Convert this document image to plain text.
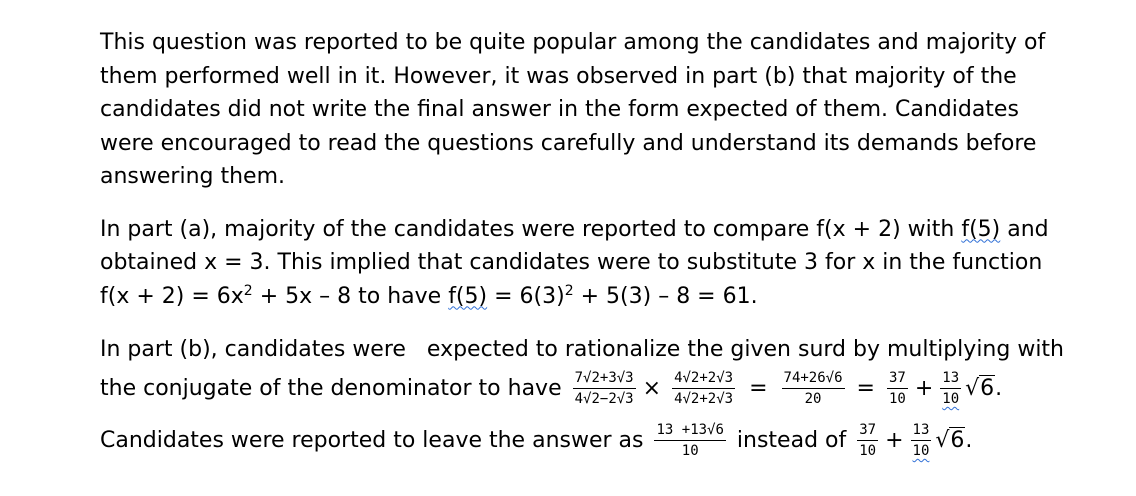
This question was reported to be quite popular among the candidates and majority of
them performed well in it. However, it was observed in part (b) that majority of the
candidates did not write the final answer in the form expected of them. Candidates
were encouraged to read the questions carefully and understand its demands before
answering them.

In part (a), majority of the candidates were reported to compare f(x + 2) with f(5) and
obtained x = 3. This implied that candidates were to substitute 3 for x in the function
$f(x + 2) = 6x^2 + 5x - 8$ to have $f(5) = 6(3)^2 + 5(3) - 8 = 61$.

In part (b), candidates were   expected to rationalize the given surd by multiplying with
the conjugate of the denominator to have $\frac{7√2+3√3}{4√2-2√3} \times \frac{4√2+2√3}{4√2+2√3} = \frac{74+26√6}{20} = \frac{37}{10} + \frac{13}{10} √6$.
Candidates were reported to leave the answer as $\frac{13 +13√6}{10}$ instead of $\frac{37}{10} + \frac{13}{10} √6$.
